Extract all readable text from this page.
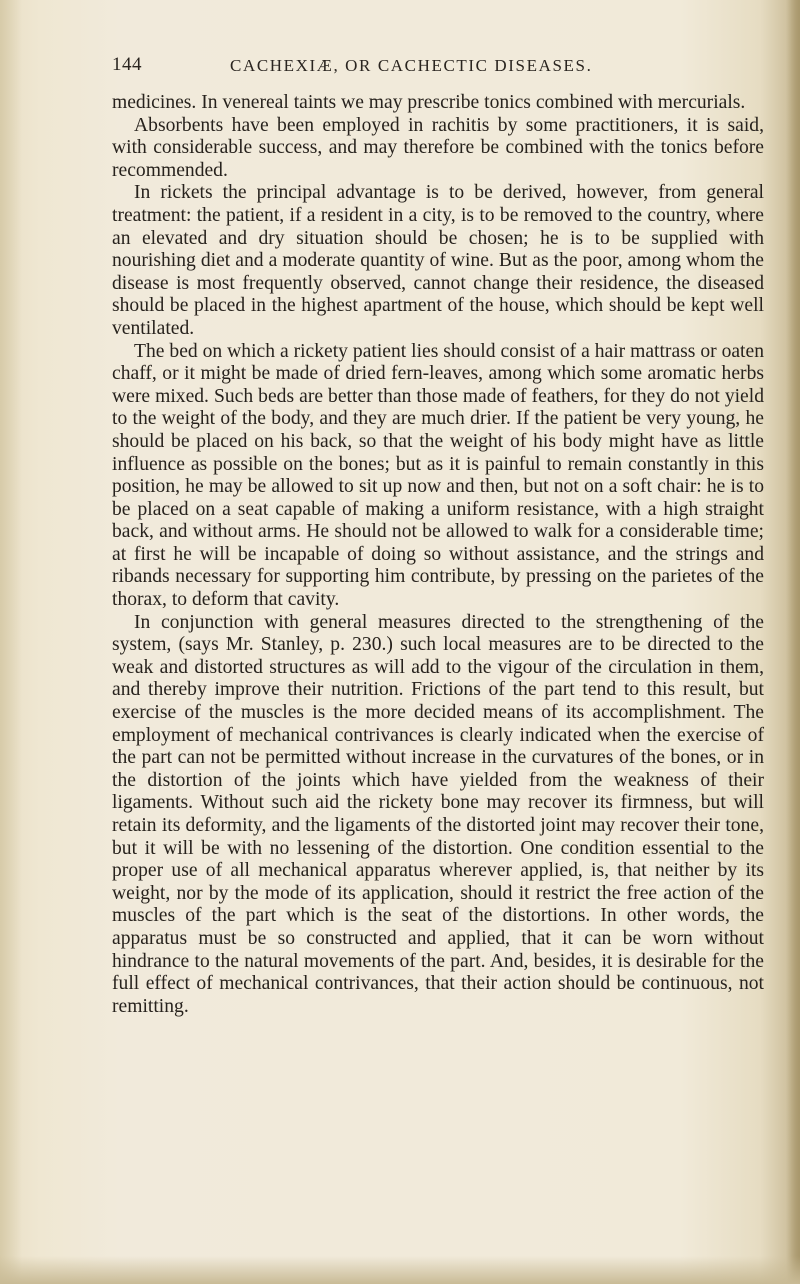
144	CACHEXIÆ, OR CACHECTIC DISEASES.

medicines. In venereal taints we may prescribe tonics combined with mercurials.

Absorbents have been employed in rachitis by some practitioners, it is said, with considerable success, and may therefore be combined with the tonics before recommended.

In rickets the principal advantage is to be derived, however, from general treatment: the patient, if a resident in a city, is to be removed to the country, where an elevated and dry situation should be chosen; he is to be supplied with nourishing diet and a moderate quantity of wine. But as the poor, among whom the disease is most frequently observed, cannot change their residence, the diseased should be placed in the highest apartment of the house, which should be kept well ventilated.

The bed on which a rickety patient lies should consist of a hair mattrass or oaten chaff, or it might be made of dried fern-leaves, among which some aromatic herbs were mixed. Such beds are better than those made of feathers, for they do not yield to the weight of the body, and they are much drier. If the patient be very young, he should be placed on his back, so that the weight of his body might have as little influence as possible on the bones; but as it is painful to remain constantly in this position, he may be allowed to sit up now and then, but not on a soft chair: he is to be placed on a seat capable of making a uniform resistance, with a high straight back, and without arms. He should not be allowed to walk for a considerable time; at first he will be incapable of doing so without assistance, and the strings and ribands necessary for supporting him contribute, by pressing on the parietes of the thorax, to deform that cavity.

In conjunction with general measures directed to the strengthening of the system, (says Mr. Stanley, p. 230.) such local measures are to be directed to the weak and distorted structures as will add to the vigour of the circulation in them, and thereby improve their nutrition. Frictions of the part tend to this result, but exercise of the muscles is the more decided means of its accomplishment. The employment of mechanical contrivances is clearly indicated when the exercise of the part can not be permitted without increase in the curvatures of the bones, or in the distortion of the joints which have yielded from the weakness of their ligaments. Without such aid the rickety bone may recover its firmness, but will retain its deformity, and the ligaments of the distorted joint may recover their tone, but it will be with no lessening of the distortion. One condition essential to the proper use of all mechanical apparatus wherever applied, is, that neither by its weight, nor by the mode of its application, should it restrict the free action of the muscles of the part which is the seat of the distortions. In other words, the apparatus must be so constructed and applied, that it can be worn without hindrance to the natural movements of the part. And, besides, it is desirable for the full effect of mechanical contrivances, that their action should be continuous, not remitting.
